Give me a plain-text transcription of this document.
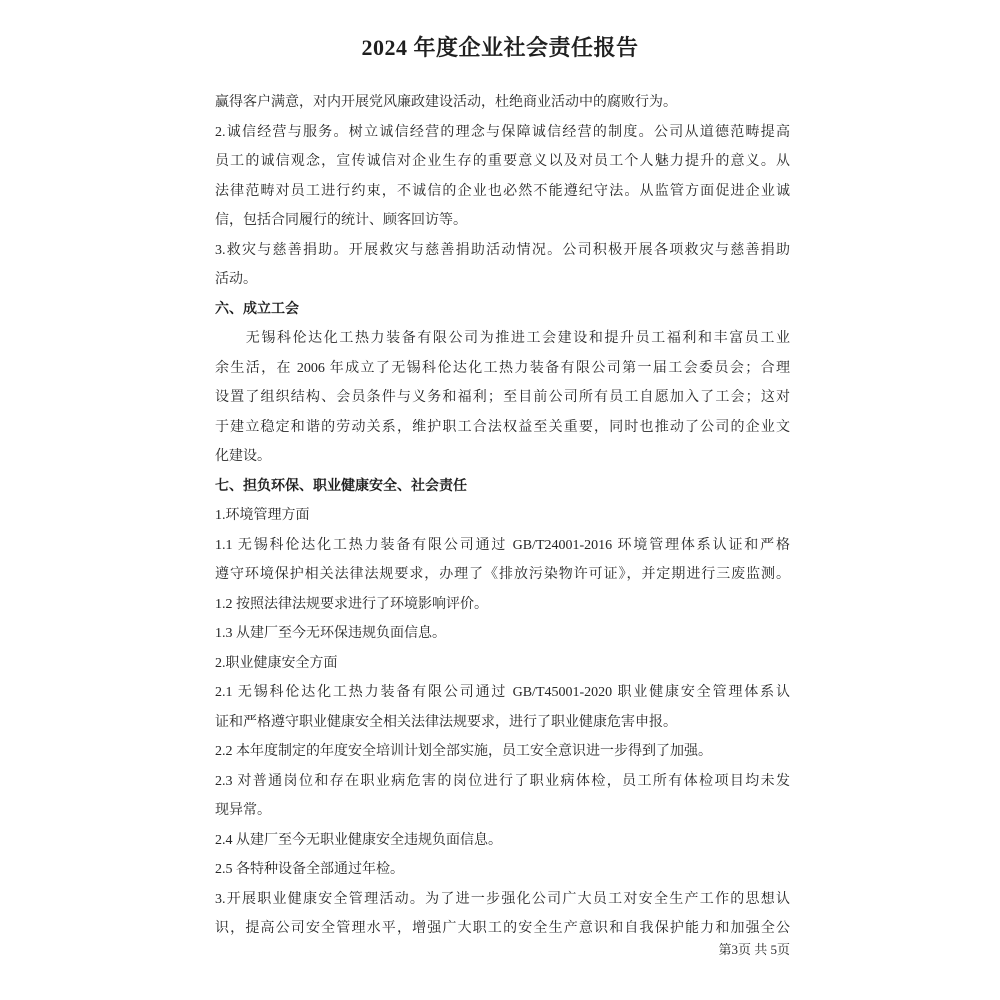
2024 年度企业社会责任报告
赢得客户满意，对内开展党风廉政建设活动，杜绝商业活动中的腐败行为。
2.诚信经营与服务。树立诚信经营的理念与保障诚信经营的制度。公司从道德范畴提高
员工的诚信观念，宣传诚信对企业生存的重要意义以及对员工个人魅力提升的意义。从
法律范畴对员工进行约束，不诚信的企业也必然不能遵纪守法。从监管方面促进企业诚
信，包括合同履行的统计、顾客回访等。
3.救灾与慈善捐助。开展救灾与慈善捐助活动情况。公司积极开展各项救灾与慈善捐助
活动。
六、成立工会
无锡科伦达化工热力装备有限公司为推进工会建设和提升员工福利和丰富员工业
余生活，在 2006 年成立了无锡科伦达化工热力装备有限公司第一届工会委员会；合理
设置了组织结构、会员条件与义务和福利；至目前公司所有员工自愿加入了工会；这对
于建立稳定和谐的劳动关系，维护职工合法权益至关重要，同时也推动了公司的企业文
化建设。
七、担负环保、职业健康安全、社会责任
1.环境管理方面
1.1 无锡科伦达化工热力装备有限公司通过 GB/T24001-2016 环境管理体系认证和严格
遵守环境保护相关法律法规要求，办理了《排放污染物许可证》，并定期进行三废监测。
1.2 按照法律法规要求进行了环境影响评价。
1.3 从建厂至今无环保违规负面信息。
2.职业健康安全方面
2.1 无锡科伦达化工热力装备有限公司通过 GB/T45001-2020 职业健康安全管理体系认
证和严格遵守职业健康安全相关法律法规要求，进行了职业健康危害申报。
2.2 本年度制定的年度安全培训计划全部实施，员工安全意识进一步得到了加强。
2.3 对普通岗位和存在职业病危害的岗位进行了职业病体检，员工所有体检项目均未发
现异常。
2.4 从建厂至今无职业健康安全违规负面信息。
2.5 各特种设备全部通过年检。
3.开展职业健康安全管理活动。为了进一步强化公司广大员工对安全生产工作的思想认
识，提高公司安全管理水平，增强广大职工的安全生产意识和自我保护能力和加强全公
第3页 共 5页
